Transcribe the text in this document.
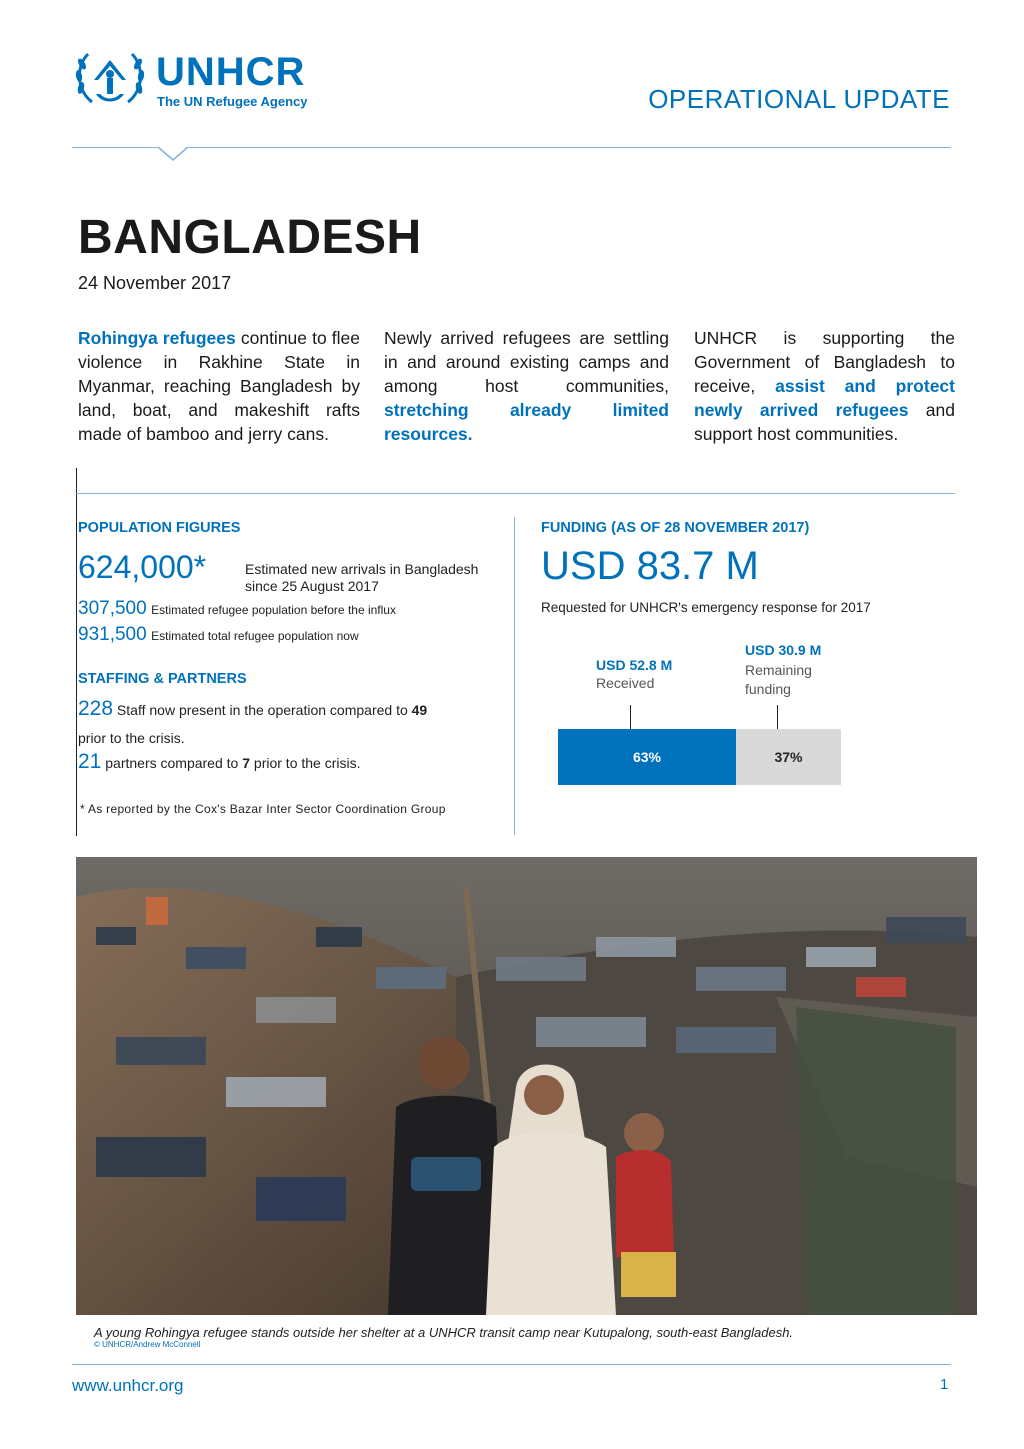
UNHCR
The UN Refugee Agency	OPERATIONAL UPDATE
BANGLADESH
24 November 2017
Rohingya refugees continue to flee violence in Rakhine State in Myanmar, reaching Bangladesh by land, boat, and makeshift rafts made of bamboo and jerry cans.
Newly arrived refugees are settling in and around existing camps and among host communities, stretching already limited resources.
UNHCR is supporting the Government of Bangladesh to receive, assist and protect newly arrived refugees and support host communities.
POPULATION FIGURES
624,000*	Estimated new arrivals in Bangladesh since 25 August 2017
307,500 Estimated refugee population before the influx
931,500 Estimated total refugee population now
STAFFING & PARTNERS
228 Staff now present in the operation compared to 49
prior to the crisis.
21 partners compared to 7 prior to the crisis.
* As reported by the Cox's Bazar Inter Sector Coordination Group
FUNDING (AS OF 28 NOVEMBER 2017)
USD 83.7 M
Requested for UNHCR's emergency response for 2017
USD 52.8 M
Received
USD 30.9 M
Remaining funding
63%	37%
A young Rohingya refugee stands outside her shelter at a UNHCR transit camp near Kutupalong, south-east Bangladesh.
© UNHCR/Andrew McConnell
www.unhcr.org	1
